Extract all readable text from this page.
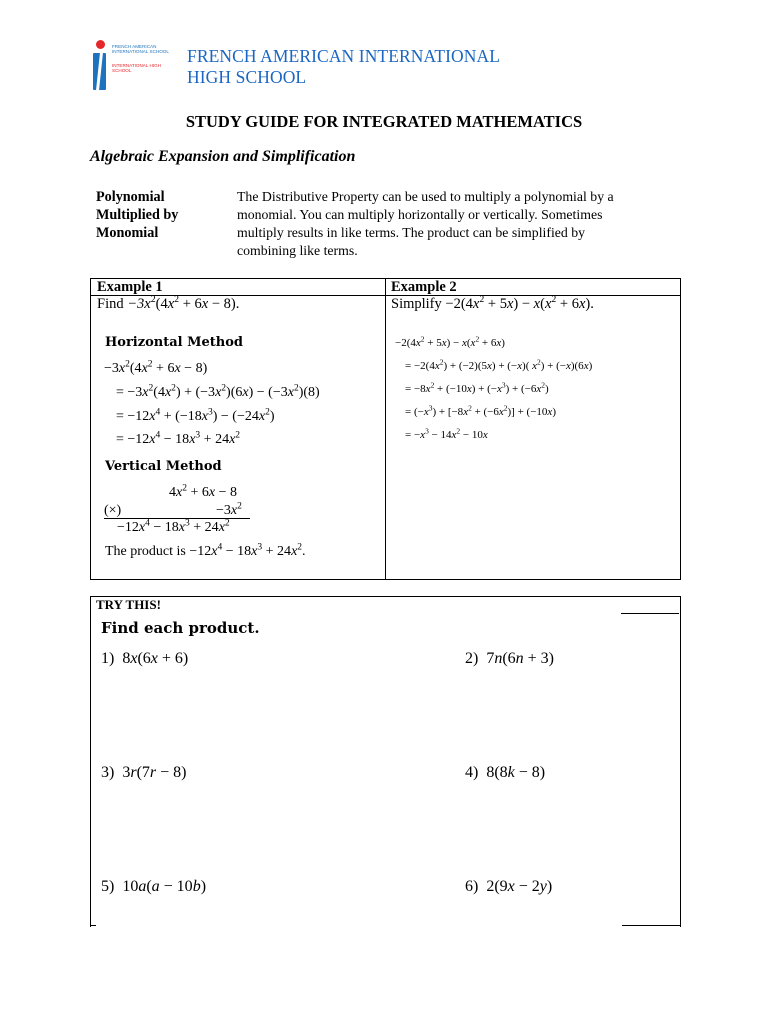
FRENCH AMERICAN INTERNATIONAL SCHOOL
INTERNATIONAL HIGH SCHOOL
FRENCH AMERICAN INTERNATIONAL
HIGH SCHOOL
STUDY GUIDE FOR INTEGRATED MATHEMATICS
Algebraic Expansion and Simplification
Polynomial
Multiplied by
Monomial
The Distributive Property can be used to multiply a polynomial by a
monomial. You can multiply horizontally or vertically. Sometimes
multiply results in like terms. The product can be simplified by
combining like terms.
Example 1	Example 2
Find $-3x^2(4x^2 + 6x - 8)$.	Simplify $-2(4x^2 + 5x) - x(x^2 + 6x)$.
Horizontal Method
$-3x^2(4x^2 + 6x - 8)$
= $-3x^2(4x^2) + (-3x^2)(6x) - (-3x^2)(8)$
= $-12x^4 + (-18x^3) - (-24x^2)$
= $-12x^4 - 18x^3 + 24x^2$
Vertical Method
$4x^2 + 6x - 8$
(×)	$-3x^2$
$-12x^4 - 18x^3 + 24x^2$
The product is $-12x^4 - 18x^3 + 24x^2$.
$-2(4x^2 + 5x) - x(x^2 + 6x)$
= $-2(4x^2) + (-2)(5x) + (-x)$( $x^2) + (-x)(6x)$
= $-8x^2 + (-10x) + (-x^3) + (-6x^2)$
= $(-x^3) + [-8x^2 + (-6x^2)] + (-10x)$
= $-x^3 - 14x^2 - 10x$
TRY THIS!
Find each product.
1)  8x(6x + 6)	2)  7n(6n + 3)
3)  3r(7r − 8)	4)  8(8k − 8)
5)  10a(a − 10b)	6)  2(9x − 2y)
